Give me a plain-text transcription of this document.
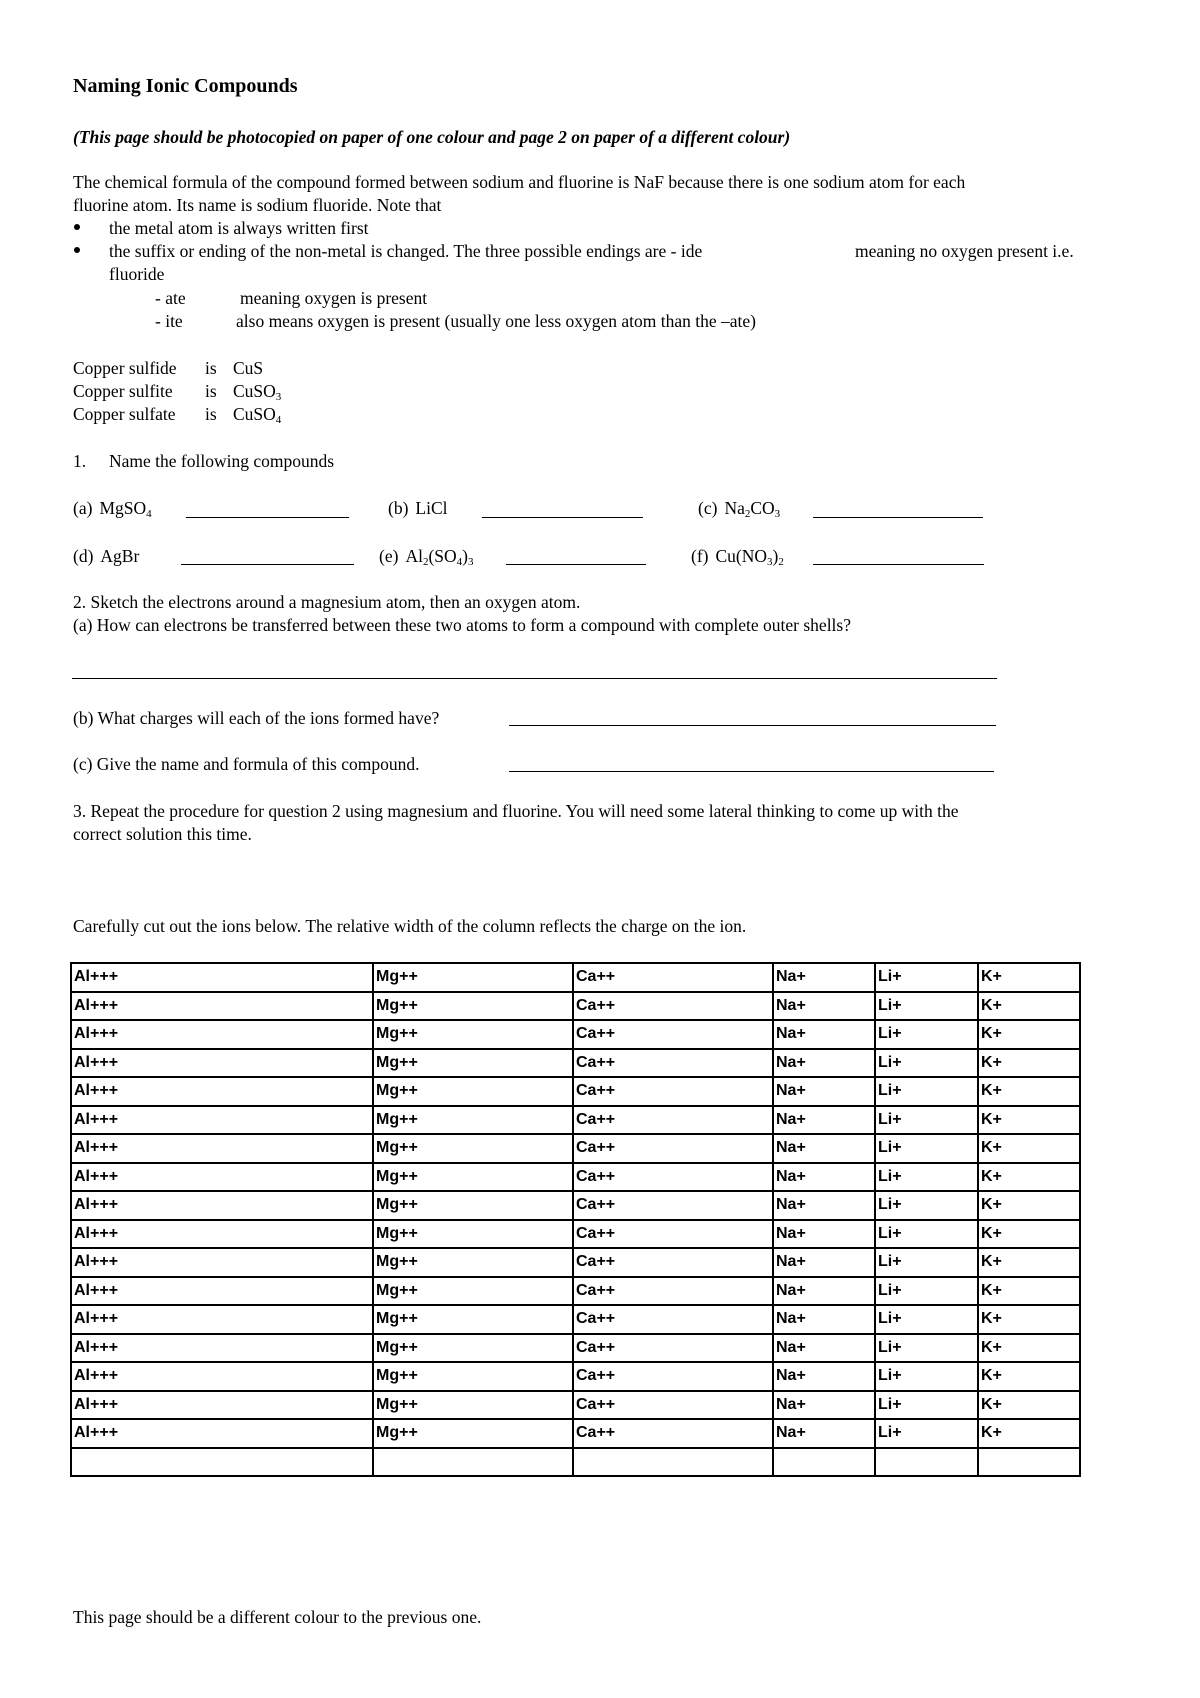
Naming Ionic Compounds
(This page should be photocopied on paper of one colour and page 2 on paper of a different colour)
The chemical formula of the compound formed between sodium and fluorine is NaF because there is one sodium atom for each
fluorine atom. Its name is sodium fluoride. Note that
the metal atom is always written first
the suffix or ending of the non-metal is changed. The three possible endings are - ide	meaning no oxygen present i.e.
fluoride
- ate	meaning oxygen is present
- ite	also means oxygen is present (usually one less oxygen atom than the –ate)
Copper sulfide is CuS
Copper sulfite is CuSO$_3$
Copper sulfate is CuSO$_4$
1. Name the following compounds
(a) MgSO$_4$	(b) LiCl	(c) $Na_2CO_3$
(d) AgBr	(e) $Al_2(SO_4)_3$	(f) $Cu(NO_3)_2$
2. Sketch the electrons around a magnesium atom, then an oxygen atom.
(a) How can electrons be transferred between these two atoms to form a compound with complete outer shells?
(b) What charges will each of the ions formed have?
(c) Give the name and formula of this compound.
3. Repeat the procedure for question 2 using magnesium and fluorine. You will need some lateral thinking to come up with the
correct solution this time.
Carefully cut out the ions below. The relative width of the column reflects the charge on the ion.
Al+++	Mg++	Ca++	Na+	Li+	K+
Al+++	Mg++	Ca++	Na+	Li+	K+
Al+++	Mg++	Ca++	Na+	Li+	K+
Al+++	Mg++	Ca++	Na+	Li+	K+
Al+++	Mg++	Ca++	Na+	Li+	K+
Al+++	Mg++	Ca++	Na+	Li+	K+
Al+++	Mg++	Ca++	Na+	Li+	K+
Al+++	Mg++	Ca++	Na+	Li+	K+
Al+++	Mg++	Ca++	Na+	Li+	K+
Al+++	Mg++	Ca++	Na+	Li+	K+
Al+++	Mg++	Ca++	Na+	Li+	K+
Al+++	Mg++	Ca++	Na+	Li+	K+
Al+++	Mg++	Ca++	Na+	Li+	K+
Al+++	Mg++	Ca++	Na+	Li+	K+
Al+++	Mg++	Ca++	Na+	Li+	K+
Al+++	Mg++	Ca++	Na+	Li+	K+
Al+++	Mg++	Ca++	Na+	Li+	K+

This page should be a different colour to the previous one.
